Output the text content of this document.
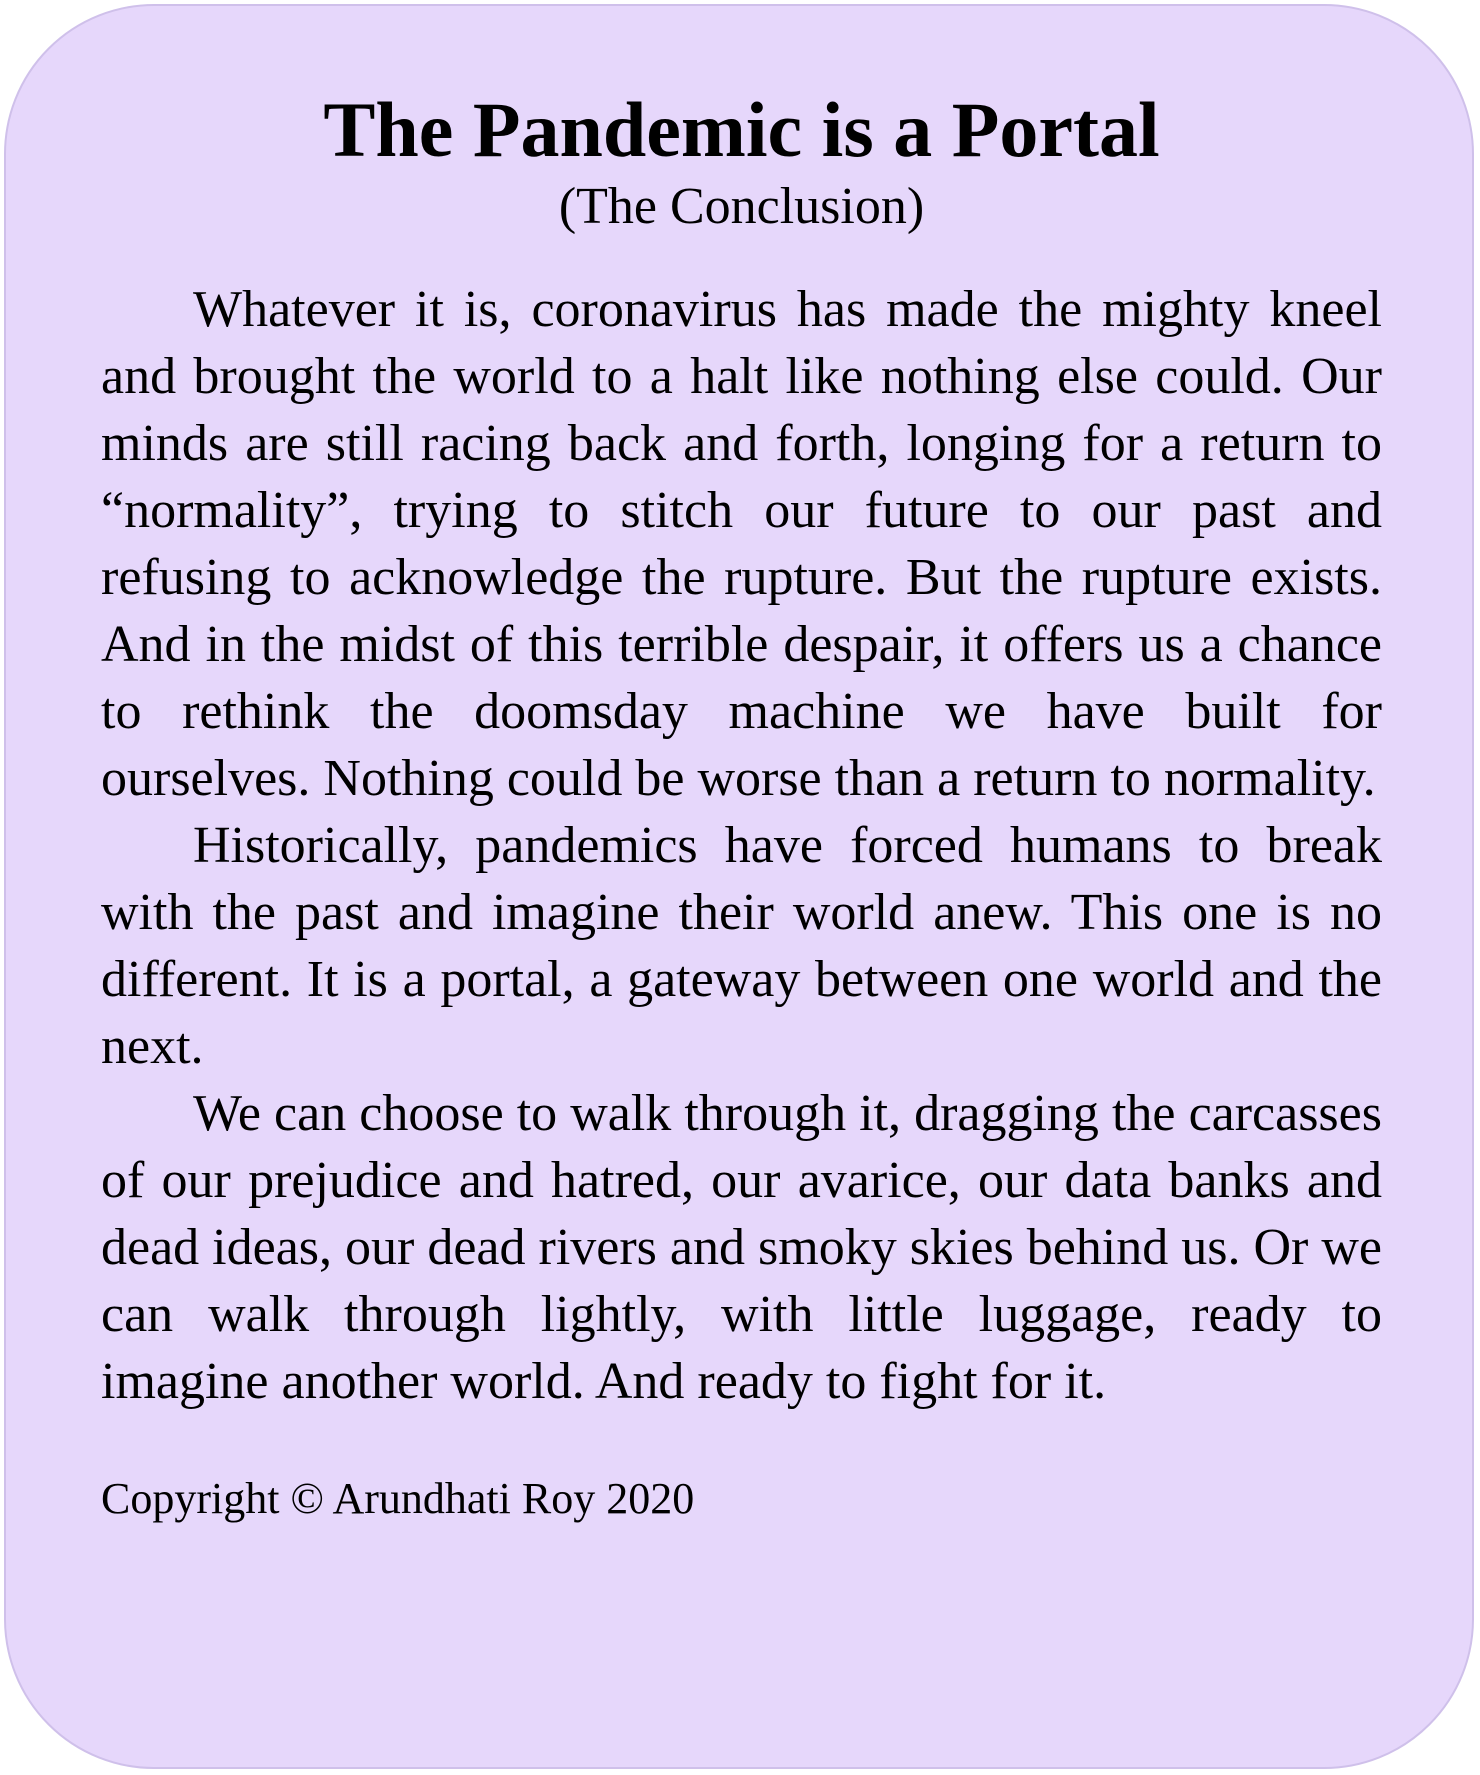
The Pandemic is a Portal

(The Conclusion)

Whatever it is, coronavirus has made the mighty kneel and brought the world to a halt like nothing else could. Our minds are still racing back and forth, longing for a return to “normality”, trying to stitch our future to our past and refusing to acknowledge the rupture. But the rupture exists. And in the midst of this terrible despair, it offers us a chance to rethink the doomsday machine we have built for ourselves. Nothing could be worse than a return to normality.

Historically, pandemics have forced humans to break with the past and imagine their world anew. This one is no different. It is a portal, a gateway between one world and the next.

We can choose to walk through it, dragging the carcasses of our prejudice and hatred, our avarice, our data banks and dead ideas, our dead rivers and smoky skies behind us. Or we can walk through lightly, with little luggage, ready to imagine another world. And ready to fight for it.

Copyright © Arundhati Roy 2020
